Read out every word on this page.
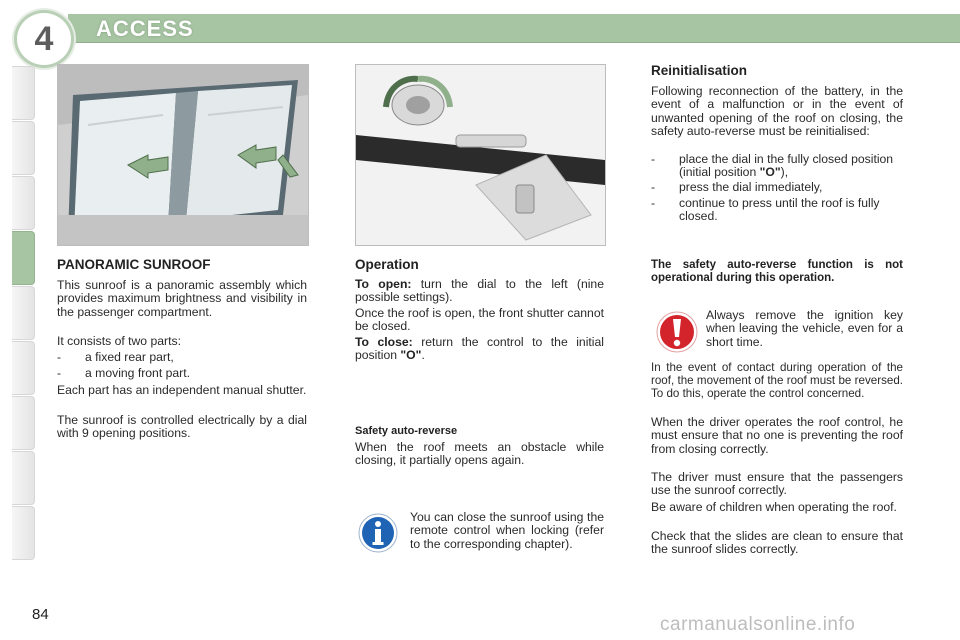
4	ACCESS
PANORAMIC SUNROOF

This sunroof is a panoramic assembly which provides maximum brightness and visibility in the passenger compartment.

It consists of two parts:

- a fixed rear part,
- a moving front part.

Each part has an independent manual shutter.

The sunroof is controlled electrically by a dial with 9 opening positions.

Operation

To open: turn the dial to the left (nine possible settings).

Once the roof is open, the front shutter cannot be closed.

To close: return the control to the initial position "O".

Safety auto-reverse

When the roof meets an obstacle while closing, it partially opens again.

You can close the sunroof using the remote control when locking (refer to the corresponding chapter).

Reinitialisation

Following reconnection of the battery, in the event of a malfunction or in the event of unwanted opening of the roof on closing, the safety auto-reverse must be reinitialised:

- place the dial in the fully closed position (initial position "O"),
- press the dial immediately,
- continue to press until the roof is fully closed.

The safety auto-reverse function is not operational during this operation.

Always remove the ignition key when leaving the vehicle, even for a short time.

In the event of contact during operation of the roof, the movement of the roof must be reversed. To do this, operate the control concerned.

When the driver operates the roof control, he must ensure that no one is preventing the roof from closing correctly.

The driver must ensure that the passengers use the sunroof correctly.

Be aware of children when operating the roof.

Check that the slides are clean to ensure that the sunroof slides correctly.

84	carmanualsonline.info
